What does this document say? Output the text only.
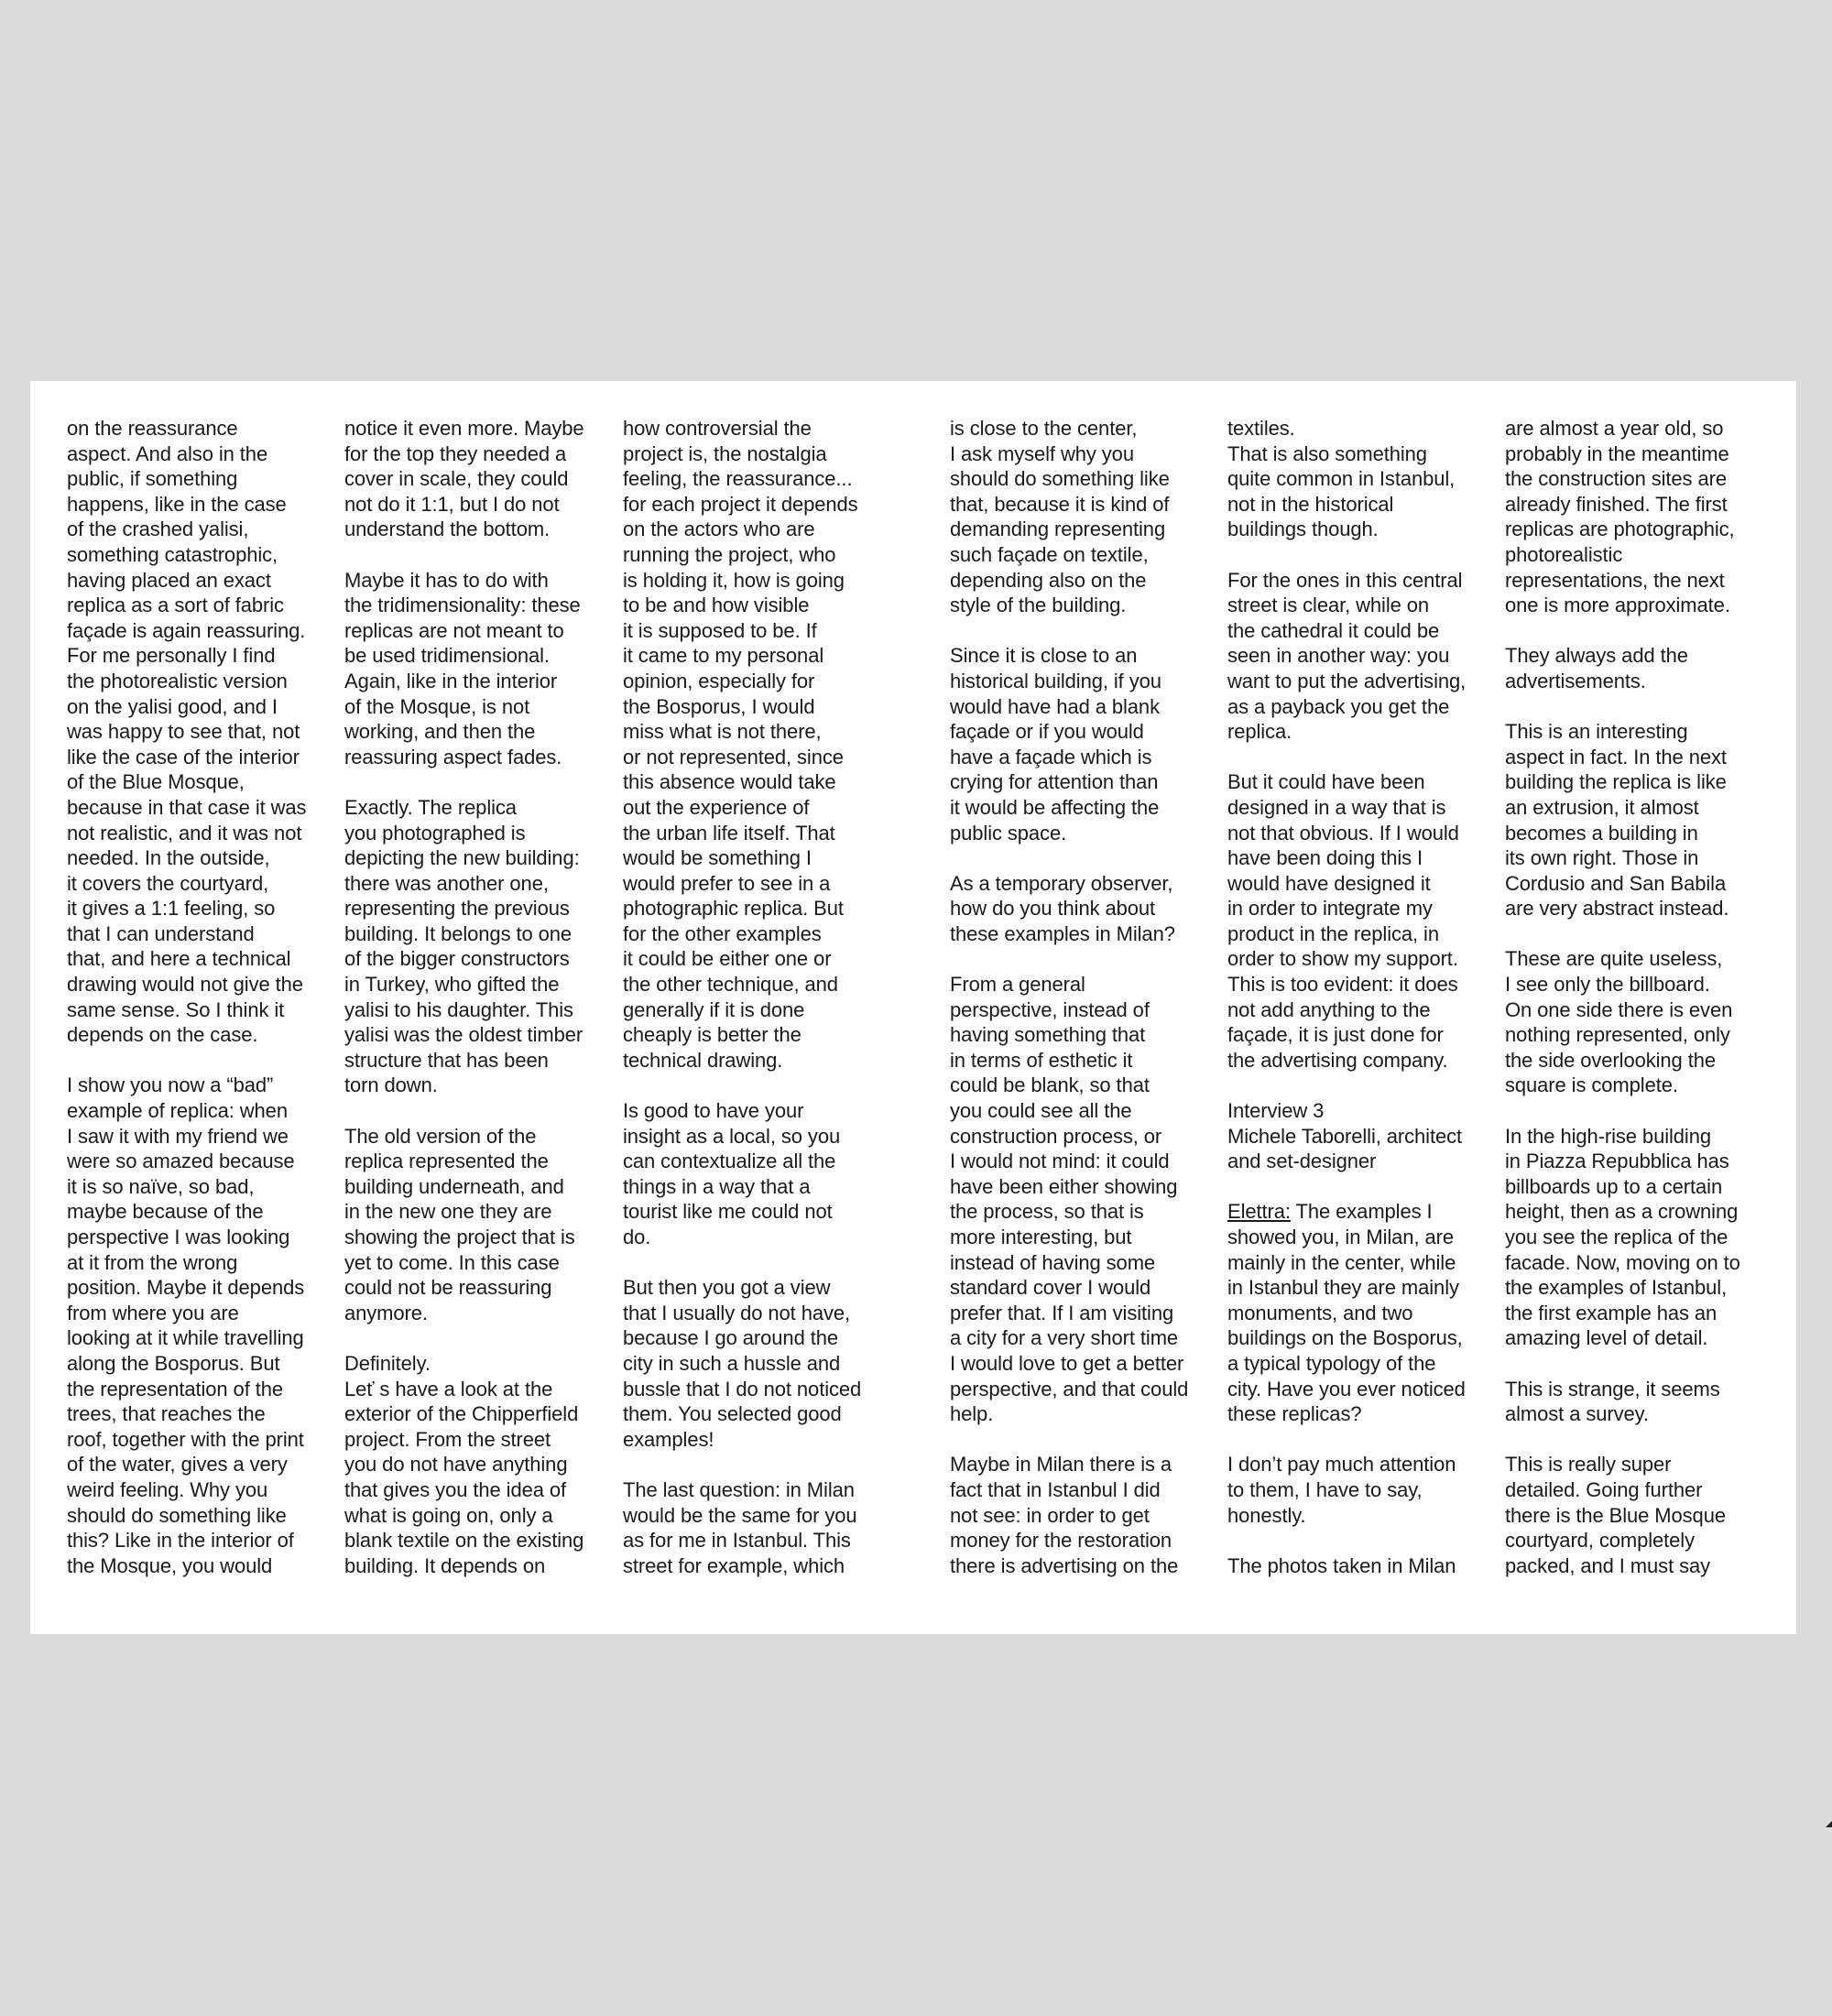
on the reassurance
aspect. And also in the
public, if something
happens, like in the case
of the crashed yalisi,
something catastrophic,
having placed an exact
replica as a sort of fabric
façade is again reassuring.
For me personally I find
the photorealistic version
on the yalisi good, and I
was happy to see that, not
like the case of the interior
of the Blue Mosque,
because in that case it was
not realistic, and it was not
needed. In the outside,
it covers the courtyard,
it gives a 1:1 feeling, so
that I can understand
that, and here a technical
drawing would not give the
same sense. So I think it
depends on the case.

I show you now a “bad”
example of replica: when
I saw it with my friend we
were so amazed because
it is so naïve, so bad,
maybe because of the
perspective I was looking
at it from the wrong
position. Maybe it depends
from where you are
looking at it while travelling
along the Bosporus. But
the representation of the
trees, that reaches the
roof, together with the print
of the water, gives a very
weird feeling. Why you
should do something like
this? Like in the interior of
the Mosque, you would

notice it even more. Maybe
for the top they needed a
cover in scale, they could
not do it 1:1, but I do not
understand the bottom.

Maybe it has to do with
the tridimensionality: these
replicas are not meant to
be used tridimensional.
Again, like in the interior
of the Mosque, is not
working, and then the
reassuring aspect fades.

Exactly. The replica
you photographed is
depicting the new building:
there was another one,
representing the previous
building. It belongs to one
of the bigger constructors
in Turkey, who gifted the
yalisi to his daughter. This
yalisi was the oldest timber
structure that has been
torn down.

The old version of the
replica represented the
building underneath, and
in the new one they are
showing the project that is
yet to come. In this case
could not be reassuring
anymore.

Definitely.
Leť s have a look at the
exterior of the Chipperfield
project. From the street
you do not have anything
that gives you the idea of
what is going on, only a
blank textile on the existing
building. It depends on

how controversial the
project is, the nostalgia
feeling, the reassurance...
for each project it depends
on the actors who are
running the project, who
is holding it, how is going
to be and how visible
it is supposed to be. If
it came to my personal
opinion, especially for
the Bosporus, I would
miss what is not there,
or not represented, since
this absence would take
out the experience of
the urban life itself. That
would be something I
would prefer to see in a
photographic replica. But
for the other examples
it could be either one or
the other technique, and
generally if it is done
cheaply is better the
technical drawing.

Is good to have your
insight as a local, so you
can contextualize all the
things in a way that a
tourist like me could not
do.

But then you got a view
that I usually do not have,
because I go around the
city in such a hussle and
bussle that I do not noticed
them. You selected good
examples!

The last question: in Milan
would be the same for you
as for me in Istanbul. This
street for example, which

is close to the center,
I ask myself why you
should do something like
that, because it is kind of
demanding representing
such façade on textile,
depending also on the
style of the building.

Since it is close to an
historical building, if you
would have had a blank
façade or if you would
have a façade which is
crying for attention than
it would be affecting the
public space.

As a temporary observer,
how do you think about
these examples in Milan?

From a general
perspective, instead of
having something that
in terms of esthetic it
could be blank, so that
you could see all the
construction process, or
I would not mind: it could
have been either showing
the process, so that is
more interesting, but
instead of having some
standard cover I would
prefer that. If I am visiting
a city for a very short time
I would love to get a better
perspective, and that could
help.

Maybe in Milan there is a
fact that in Istanbul I did
not see: in order to get
money for the restoration
there is advertising on the

textiles.
That is also something
quite common in Istanbul,
not in the historical
buildings though.

For the ones in this central
street is clear, while on
the cathedral it could be
seen in another way: you
want to put the advertising,
as a payback you get the
replica.

But it could have been
designed in a way that is
not that obvious. If I would
have been doing this I
would have designed it
in order to integrate my
product in the replica, in
order to show my support.
This is too evident: it does
not add anything to the
façade, it is just done for
the advertising company.

Interview 3
Michele Taborelli, architect
and set-designer

Elettra: The examples I
showed you, in Milan, are
mainly in the center, while
in Istanbul they are mainly
monuments, and two
buildings on the Bosporus,
a typical typology of the
city. Have you ever noticed
these replicas?

I don’t pay much attention
to them, I have to say,
honestly.

The photos taken in Milan

are almost a year old, so
probably in the meantime
the construction sites are
already finished. The first
replicas are photographic,
photorealistic
representations, the next
one is more approximate.

They always add the
advertisements.

This is an interesting
aspect in fact. In the next
building the replica is like
an extrusion, it almost
becomes a building in
its own right. Those in
Cordusio and San Babila
are very abstract instead.

These are quite useless,
I see only the billboard.
On one side there is even
nothing represented, only
the side overlooking the
square is complete.

In the high-rise building
in Piazza Repubblica has
billboards up to a certain
height, then as a crowning
you see the replica of the
facade. Now, moving on to
the examples of Istanbul,
the first example has an
amazing level of detail.

This is strange, it seems
almost a survey.

This is really super
detailed. Going further
there is the Blue Mosque
courtyard, completely
packed, and I must say
